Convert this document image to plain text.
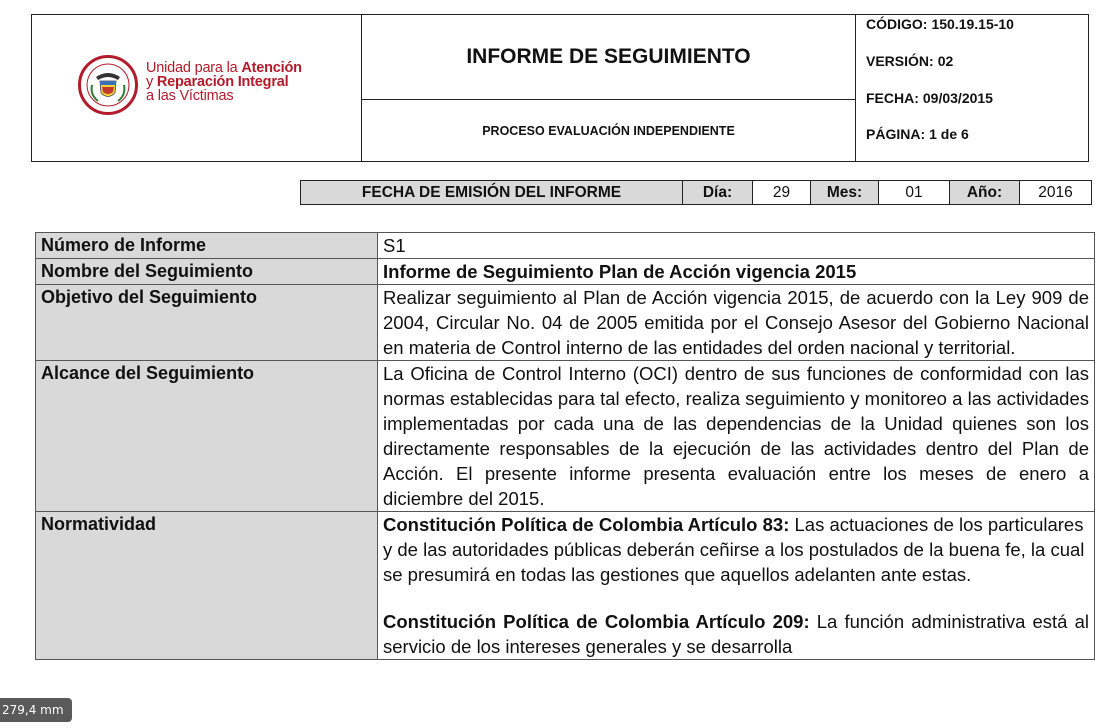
Unidad para la Atención
y Reparación Integral
a las Víctimas
INFORME DE SEGUIMIENTO
PROCESO EVALUACIÓN INDEPENDIENTE
CÓDIGO: 150.19.15-10
VERSIÓN: 02
FECHA: 09/03/2015
PÁGINA: 1 de 6
FECHA DE EMISIÓN DEL INFORME	Día:	29	Mes:	01	Año:	2016
Número de Informe	S1
Nombre del Seguimiento	Informe de Seguimiento Plan de Acción vigencia 2015
Objetivo del Seguimiento	Realizar seguimiento al Plan de Acción vigencia 2015, de acuerdo con la Ley 909 de 2004, Circular No. 04 de 2005 emitida por el Consejo Asesor del Gobierno Nacional en materia de Control interno de las entidades del orden nacional y territorial.
Alcance del Seguimiento	La Oficina de Control Interno (OCI) dentro de sus funciones de conformidad con las normas establecidas para tal efecto, realiza seguimiento y monitoreo a las actividades implementadas por cada una de las dependencias de la Unidad quienes son los directamente responsables de la ejecución de las actividades dentro del Plan de Acción. El presente informe presenta evaluación entre los meses de enero a diciembre del 2015.
Normatividad	Constitución Política de Colombia Artículo 83: Las actuaciones de los particulares y de las autoridades públicas deberán ceñirse a los postulados de la buena fe, la cual se presumirá en todas las gestiones que aquellos adelanten ante estas.
Constitución Política de Colombia Artículo 209: La función administrativa está al servicio de los intereses generales y se desarrolla
279,4 mm
